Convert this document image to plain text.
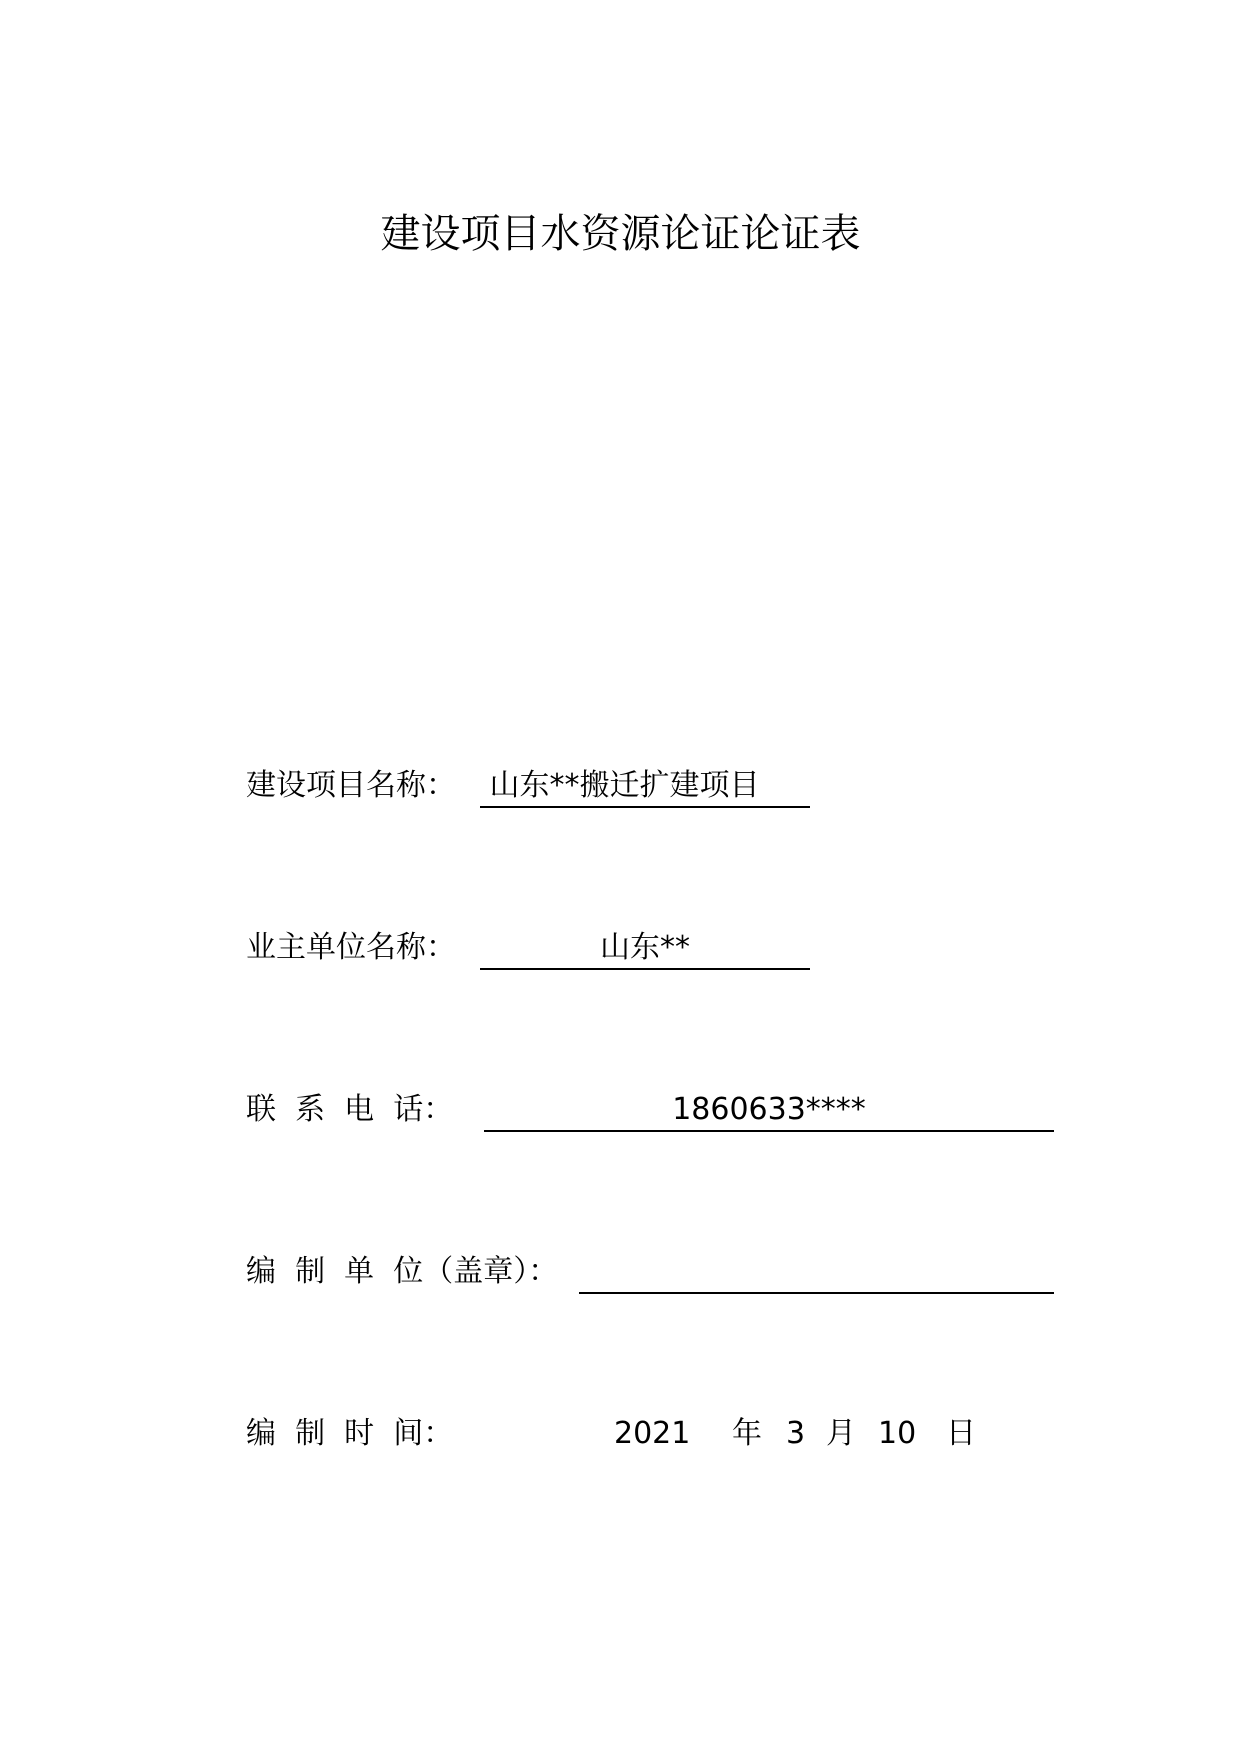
建设项目水资源论证论证表
建设项目名称： 山东**搬迁扩建项目
业主单位名称：	山东**
联  系  电  话：	1860633****
编  制  单  位（盖章）：
编  制  时  间：	2021 年 3 月 10 日
